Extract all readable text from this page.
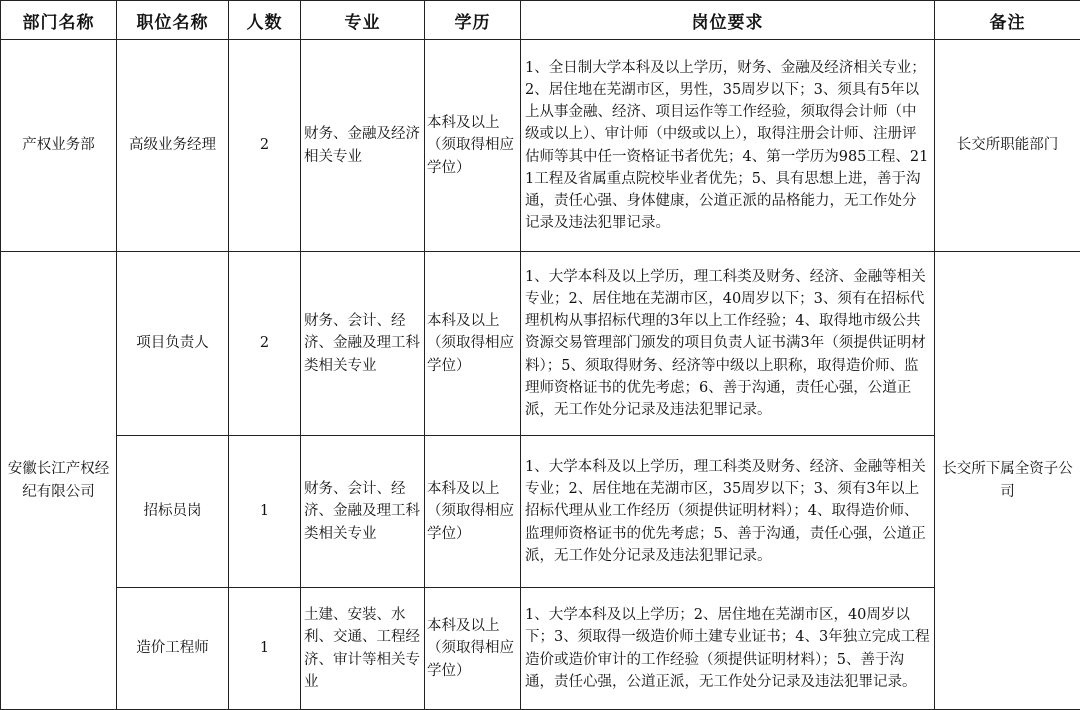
部门名称	职位名称	人数	专业	学历	岗位要求	备注
产权业务部	高级业务经理	2	财务、金融及经济相关专业	本科及以上（须取得相应学位）	1、全日制大学本科及以上学历，财务、金融及经济相关专业；2、居住地在芜湖市区，男性，35周岁以下；3、须具有5年以上从事金融、经济、项目运作等工作经验，须取得会计师（中级或以上）、审计师（中级或以上），取得注册会计师、注册评估师等其中任一资格证书者优先；4、第一学历为985工程、211工程及省属重点院校毕业者优先；5、具有思想上进，善于沟通，责任心强、身体健康，公道正派的品格能力，无工作处分记录及违法犯罪记录。	长交所职能部门
安徽长江产权经纪有限公司	项目负责人	2	财务、会计、经济、金融及理工科类相关专业	本科及以上（须取得相应学位）	1、大学本科及以上学历，理工科类及财务、经济、金融等相关专业；2、居住地在芜湖市区，40周岁以下；3、须有在招标代理机构从事招标代理的3年以上工作经验；4、取得地市级公共资源交易管理部门颁发的项目负责人证书满3年（须提供证明材料）；5、须取得财务、经济等中级以上职称，取得造价师、监理师资格证书的优先考虑；6、善于沟通，责任心强，公道正派，无工作处分记录及违法犯罪记录。	长交所下属全资子公司
	招标员岗	1	财务、会计、经济、金融及理工科类相关专业	本科及以上（须取得相应学位）	1、大学本科及以上学历，理工科类及财务、经济、金融等相关专业；2、居住地在芜湖市区，35周岁以下；3、须有3年以上招标代理从业工作经历（须提供证明材料）；4、取得造价师、监理师资格证书的优先考虑；5、善于沟通，责任心强，公道正派，无工作处分记录及违法犯罪记录。	
	造价工程师	1	土建、安装、水利、交通、工程经济、审计等相关专业	本科及以上（须取得相应学位）	1、大学本科及以上学历；2、居住地在芜湖市区，40周岁以下；3、须取得一级造价师土建专业证书；4、3年独立完成工程造价或造价审计的工作经验（须提供证明材料）；5、善于沟通，责任心强，公道正派，无工作处分记录及违法犯罪记录。	
